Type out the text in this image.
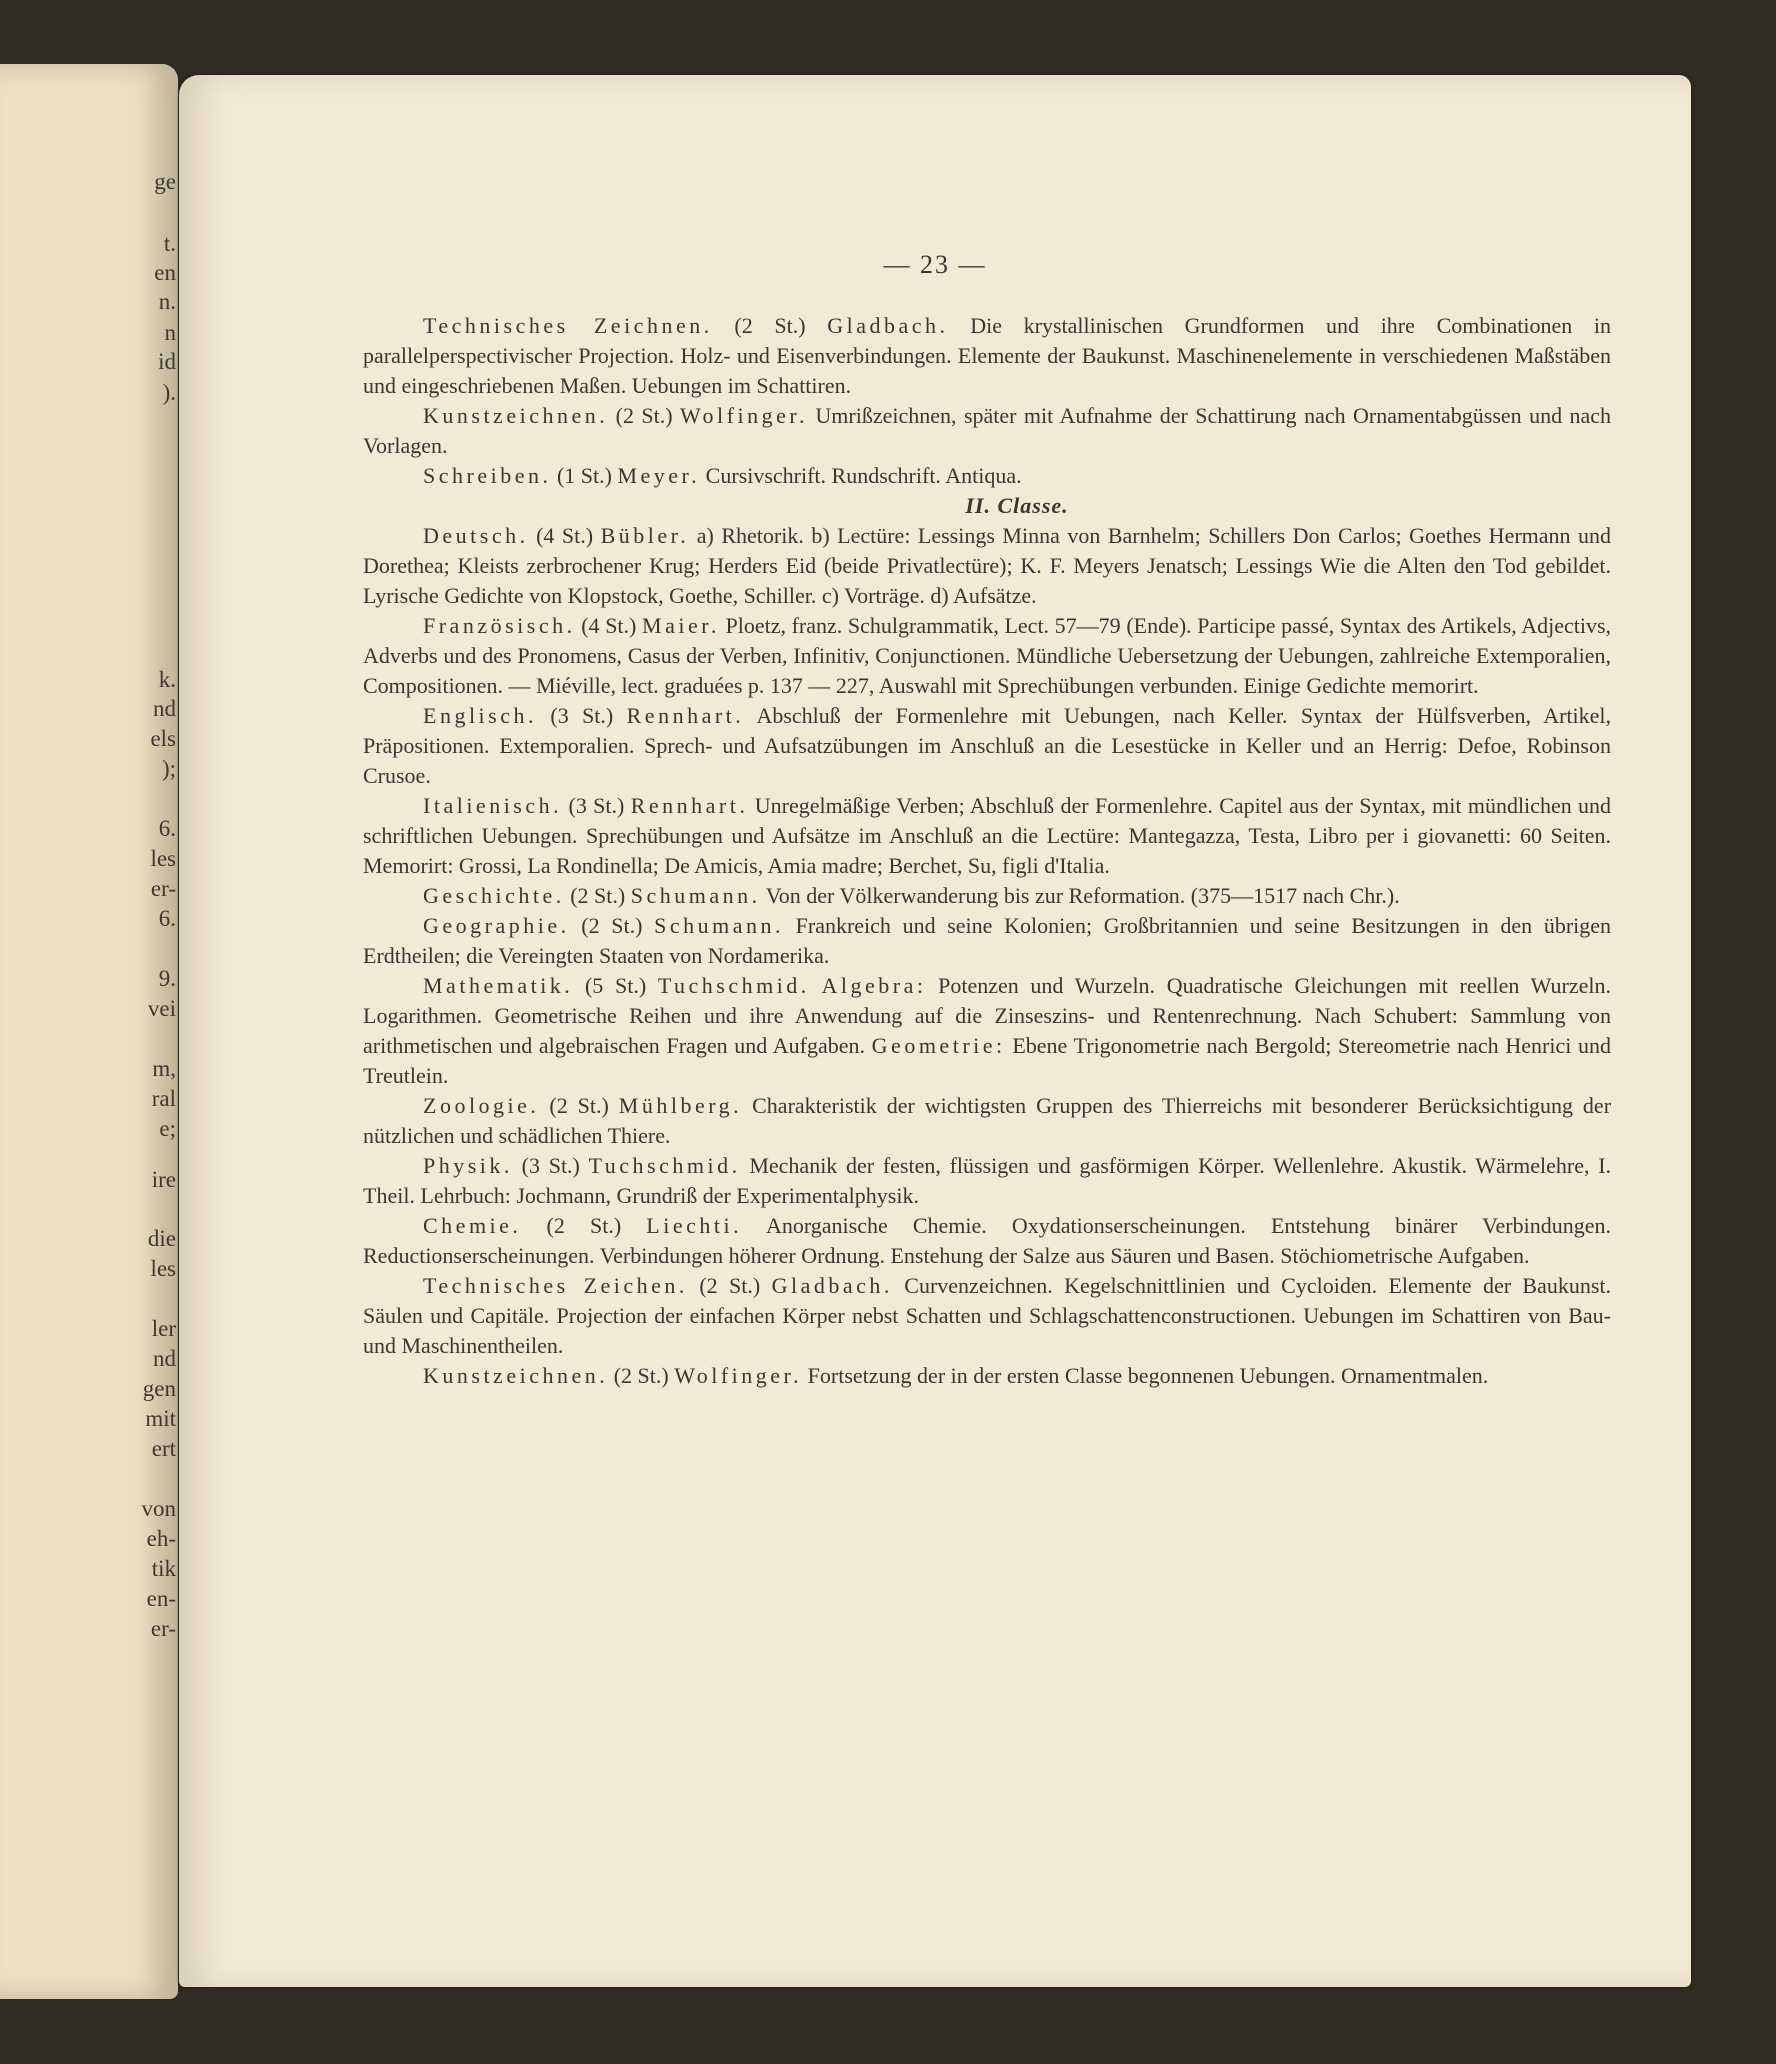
ge

t.

en

n.

n

id

).

k.

nd

els

);

6.

les

er-

6.

9.

vei

m,

ral

e;

ire

die

les

ler

nd

gen

mit

ert

von

eh-

tik

en-

er-

— 23 —

Technisches Zeichnen. (2 St.) Gladbach. Die krystallinischen Grundformen und ihre Combinationen in parallelperspectivischer Projection. Holz- und Eisenverbindungen. Elemente der Baukunst. Maschinenelemente in verschiedenen Maßstäben und eingeschriebenen Maßen. Uebungen im Schattiren.

Kunstzeichnen. (2 St.) Wolfinger. Umrißzeichnen, später mit Aufnahme der Schattirung nach Ornamentabgüssen und nach Vorlagen.

Schreiben. (1 St.) Meyer. Cursivschrift. Rundschrift. Antiqua.

II. Classe.

Deutsch. (4 St.) Bübler. a) Rhetorik. b) Lectüre: Lessings Minna von Barnhelm; Schillers Don Carlos; Goethes Hermann und Dorethea; Kleists zerbrochener Krug; Herders Eid (beide Privatlectüre); K. F. Meyers Jenatsch; Lessings Wie die Alten den Tod gebildet. Lyrische Gedichte von Klopstock, Goethe, Schiller. c) Vorträge. d) Aufsätze.

Französisch. (4 St.) Maier. Ploetz, franz. Schulgrammatik, Lect. 57—79 (Ende). Participe passé, Syntax des Artikels, Adjectivs, Adverbs und des Pronomens, Casus der Verben, Infinitiv, Conjunctionen. Mündliche Uebersetzung der Uebungen, zahlreiche Extemporalien, Compositionen. — Miéville, lect. graduées p. 137 — 227, Auswahl mit Sprechübungen verbunden. Einige Gedichte memorirt.

Englisch. (3 St.) Rennhart. Abschluß der Formenlehre mit Uebungen, nach Keller. Syntax der Hülfsverben, Artikel, Präpositionen. Extemporalien. Sprech- und Aufsatzübungen im Anschluß an die Lesestücke in Keller und an Herrig: Defoe, Robinson Crusoe.

Italienisch. (3 St.) Rennhart. Unregelmäßige Verben; Abschluß der Formenlehre. Capitel aus der Syntax, mit mündlichen und schriftlichen Uebungen. Sprechübungen und Aufsätze im Anschluß an die Lectüre: Mantegazza, Testa, Libro per i giovanetti: 60 Seiten. Memorirt: Grossi, La Rondinella; De Amicis, Amia madre; Berchet, Su, figli d'Italia.

Geschichte. (2 St.) Schumann. Von der Völkerwanderung bis zur Reformation. (375—1517 nach Chr.).

Geographie. (2 St.) Schumann. Frankreich und seine Kolonien; Großbritannien und seine Besitzungen in den übrigen Erdtheilen; die Vereingten Staaten von Nordamerika.

Mathematik. (5 St.) Tuchschmid. Algebra: Potenzen und Wurzeln. Quadratische Gleichungen mit reellen Wurzeln. Logarithmen. Geometrische Reihen und ihre Anwendung auf die Zinseszins- und Rentenrechnung. Nach Schubert: Sammlung von arithmetischen und algebraischen Fragen und Aufgaben. Geometrie: Ebene Trigonometrie nach Bergold; Stereometrie nach Henrici und Treutlein.

Zoologie. (2 St.) Mühlberg. Charakteristik der wichtigsten Gruppen des Thierreichs mit besonderer Berücksichtigung der nützlichen und schädlichen Thiere.

Physik. (3 St.) Tuchschmid. Mechanik der festen, flüssigen und gasförmigen Körper. Wellenlehre. Akustik. Wärmelehre, I. Theil. Lehrbuch: Jochmann, Grundriß der Experimentalphysik.

Chemie. (2 St.) Liechti. Anorganische Chemie. Oxydationserscheinungen. Entstehung binärer Verbindungen. Reductionserscheinungen. Verbindungen höherer Ordnung. Enstehung der Salze aus Säuren und Basen. Stöchiometrische Aufgaben.

Technisches Zeichen. (2 St.) Gladbach. Curvenzeichnen. Kegelschnittlinien und Cycloiden. Elemente der Baukunst. Säulen und Capitäle. Projection der einfachen Körper nebst Schatten und Schlagschattenconstructionen. Uebungen im Schattiren von Bau- und Maschinentheilen.

Kunstzeichnen. (2 St.) Wolfinger. Fortsetzung der in der ersten Classe begonnenen Uebungen. Ornamentmalen.
